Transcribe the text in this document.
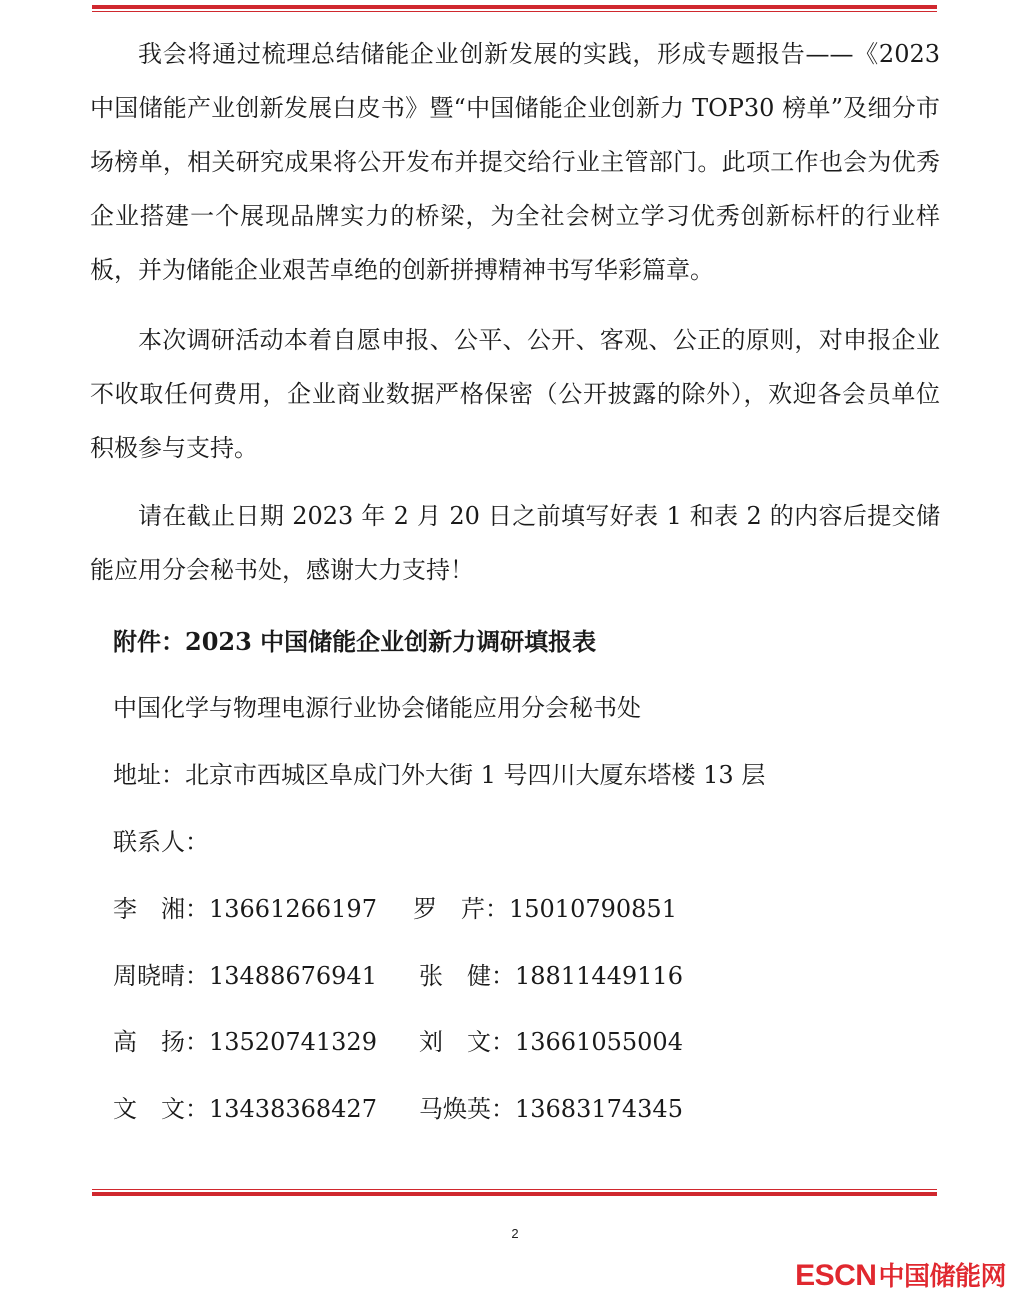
我会将通过梳理总结储能企业创新发展的实践，形成专题报告——《2023中国储能产业创新发展白皮书》暨“中国储能企业创新力 TOP30 榜单”及细分市场榜单，相关研究成果将公开发布并提交给行业主管部门。此项工作也会为优秀企业搭建一个展现品牌实力的桥梁，为全社会树立学习优秀创新标杆的行业样板，并为储能企业艰苦卓绝的创新拼搏精神书写华彩篇章。

本次调研活动本着自愿申报、公平、公开、客观、公正的原则，对申报企业不收取任何费用，企业商业数据严格保密（公开披露的除外），欢迎各会员单位积极参与支持。

请在截止日期 2023 年 2 月 20 日之前填写好表 1 和表 2 的内容后提交储能应用分会秘书处，感谢大力支持！

附件：2023 中国储能企业创新力调研填报表
中国化学与物理电源行业协会储能应用分会秘书处
地址：北京市西城区阜成门外大街 1 号四川大厦东塔楼 13 层
联系人：
李　湘：13661266197 罗　芹：15010790851
周晓晴：13488676941 张　健：18811449116
高　扬：13520741329 刘　文：13661055004
文　文：13438368427 马焕英：13683174345
2
ESCN中国储能网
